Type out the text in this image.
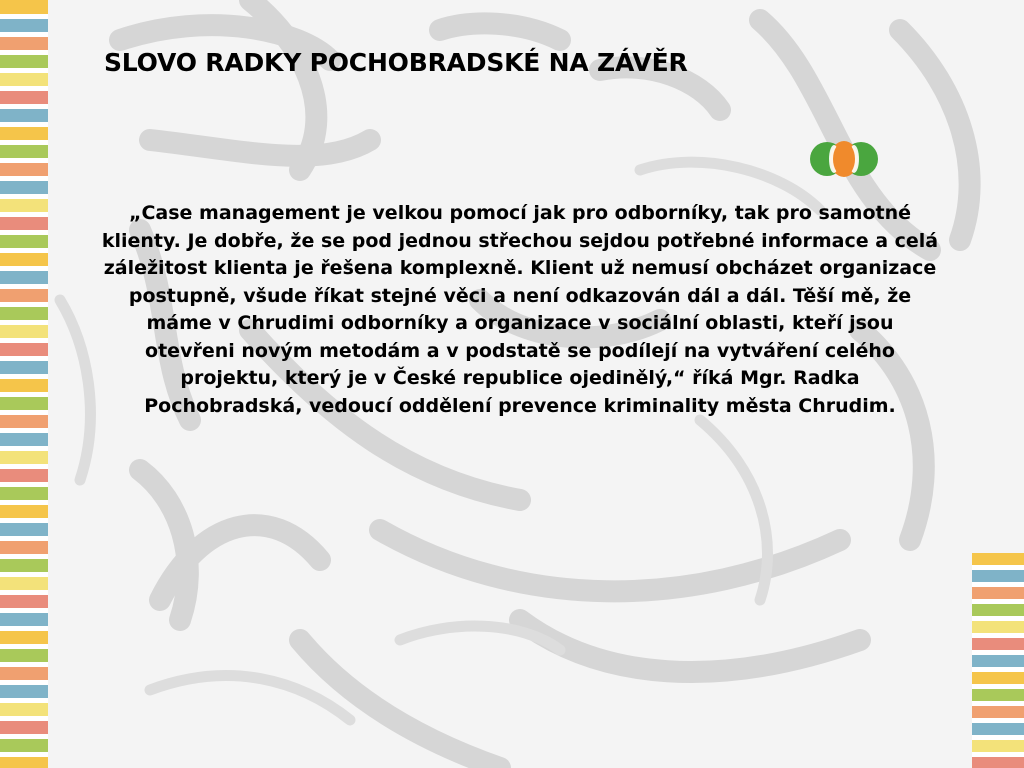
SLOVO RADKY POCHOBRADSKÉ NA ZÁVĚR

„Case management je velkou pomocí jak pro odborníky, tak pro samotné klienty. Je dobře, že se pod jednou střechou sejdou potřebné informace a celá záležitost klienta je řešena komplexně. Klient už nemusí obcházet organizace postupně, všude říkat stejné věci a není odkazován dál a dál. Těší mě, že máme v Chrudimi odborníky a organizace v sociální oblasti, kteří jsou otevřeni novým metodám a v podstatě se podílejí na vytváření celého projektu, který je v České republice ojedinělý,“ říká Mgr. Radka Pochobradská, vedoucí oddělení prevence kriminality města Chrudim.
